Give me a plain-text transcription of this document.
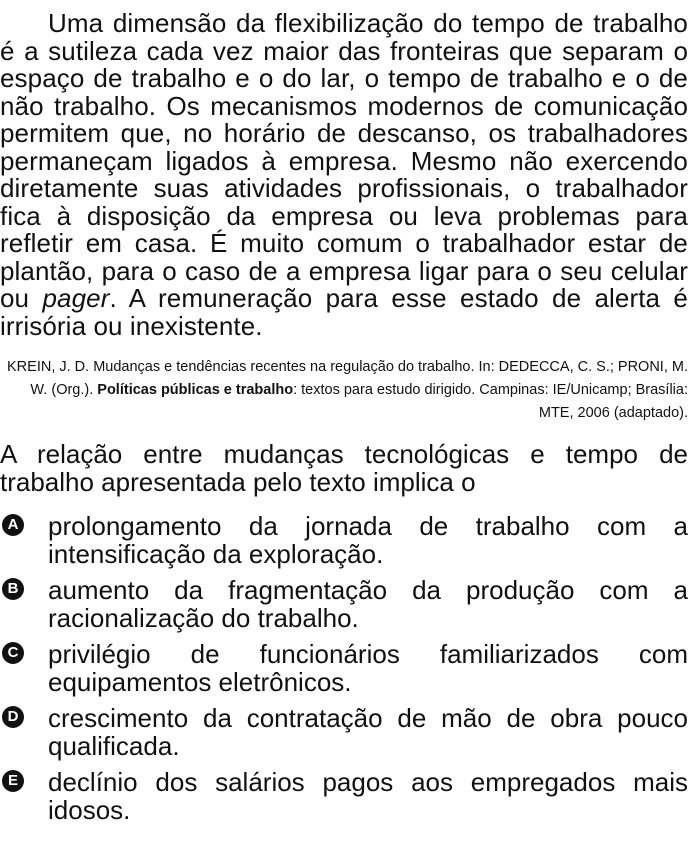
Uma dimensão da flexibilização do tempo de trabalho é a sutileza cada vez maior das fronteiras que separam o espaço de trabalho e o do lar, o tempo de trabalho e o de não trabalho. Os mecanismos modernos de comunicação permitem que, no horário de descanso, os trabalhadores permaneçam ligados à empresa. Mesmo não exercendo diretamente suas atividades profissionais, o trabalhador fica à disposição da empresa ou leva problemas para refletir em casa. É muito comum o trabalhador estar de plantão, para o caso de a empresa ligar para o seu celular ou pager. A remuneração para esse estado de alerta é irrisória ou inexistente.

KREIN, J. D. Mudanças e tendências recentes na regulação do trabalho. In: DEDECCA, C. S.; PRONI, M. W. (Org.). Políticas públicas e trabalho: textos para estudo dirigido. Campinas: IE/Unicamp; Brasília: MTE, 2006 (adaptado).

A relação entre mudanças tecnológicas e tempo de trabalho apresentada pelo texto implica o

A prolongamento da jornada de trabalho com a intensificação da exploração.
B aumento da fragmentação da produção com a racionalização do trabalho.
C privilégio de funcionários familiarizados com equipamentos eletrônicos.
D crescimento da contratação de mão de obra pouco qualificada.
E declínio dos salários pagos aos empregados mais idosos.
